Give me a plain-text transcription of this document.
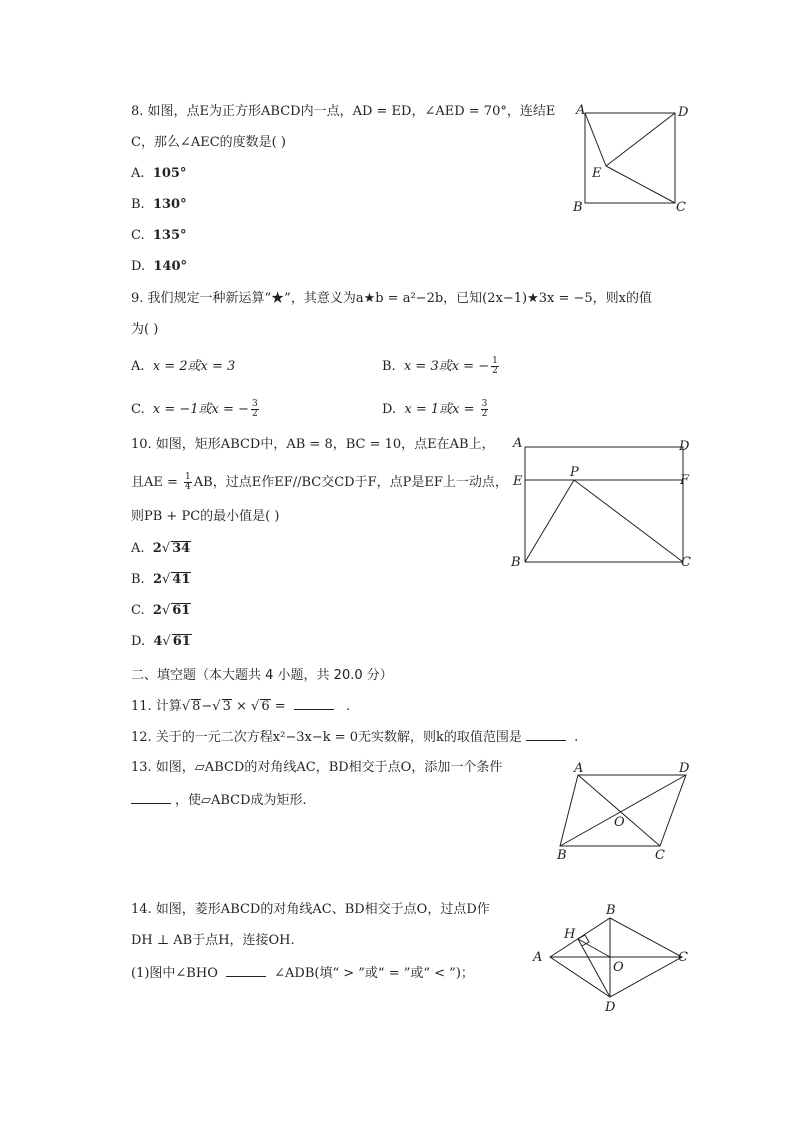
8. 如图，点E为正方形ABCD内一点，AD = ED，∠AED = 70°，连结E
C，那么∠AEC的度数是( )
A. 105°
B. 130°
C. 135°
D. 140°
A	D
E
B	C
9. 我们规定一种新运算“★”，其意义为a★b = a²−2b，已知(2x−1)★3x = −5，则x的值
为( )
A. x = 2或x = 3	B. x = 3或x = − $\frac{1}{2}$
C. x = −1或x = − $\frac{3}{2}$	D. x = 1或$x = \frac{3}{2}$
10. 如图，矩形ABCD中，AB = 8，BC = 10，点E在AB上，
且AE = $\frac{1}{4}$ AB，过点E作EF//BC交CD于F，点P是EF上一动点，
则PB + PC的最小值是( )
A. 2√ 34
B. 2√ 41
C. 2√ 61
D. 4√ 61
A	D
E	F
P
B	C
二、填空题（本大题共 4 小题，共 20.0 分）
11. 计算√ 8−√ 3 × √ 6 =	.
12. 关于的一元二次方程x²−3x−k = 0无实数解，则k的取值范围是	.
13. 如图，▱ABCD的对角线AC，BD相交于点O，添加一个条件
，使▱ABCD成为矩形.
A	D
O
B	C
14. 如图，菱形ABCD的对角线AC、BD相交于点O，过点D作
DH ⊥ AB于点H，连接OH.
(1)图中∠BHO	∠ADB(填“ > ”或“ = ”或“ < ”)；
H
B
A	C
O
D
